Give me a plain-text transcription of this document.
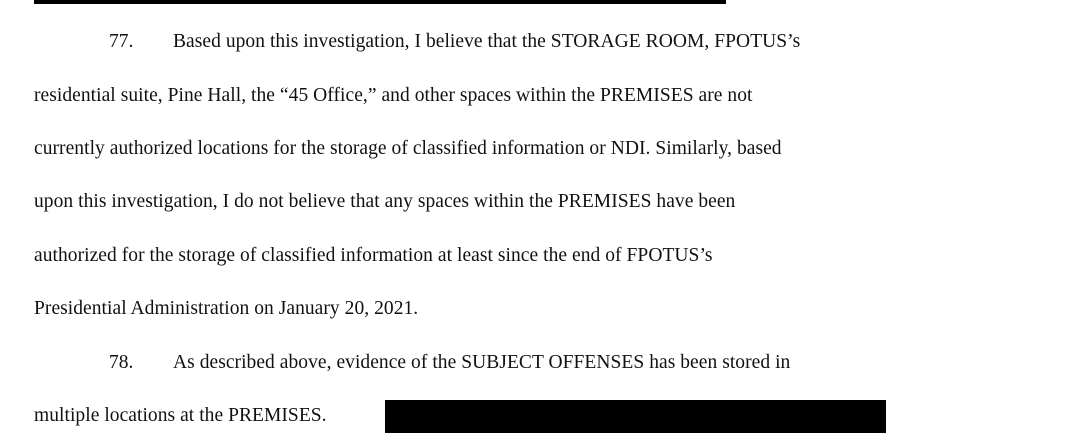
77. Based upon this investigation, I believe that the STORAGE ROOM, FPOTUS’s
residential suite, Pine Hall, the “45 Office,” and other spaces within the PREMISES are not
currently authorized locations for the storage of classified information or NDI. Similarly, based
upon this investigation, I do not believe that any spaces within the PREMISES have been
authorized for the storage of classified information at least since the end of FPOTUS’s
Presidential Administration on January 20, 2021.
78. As described above, evidence of the SUBJECT OFFENSES has been stored in
multiple locations at the PREMISES.
